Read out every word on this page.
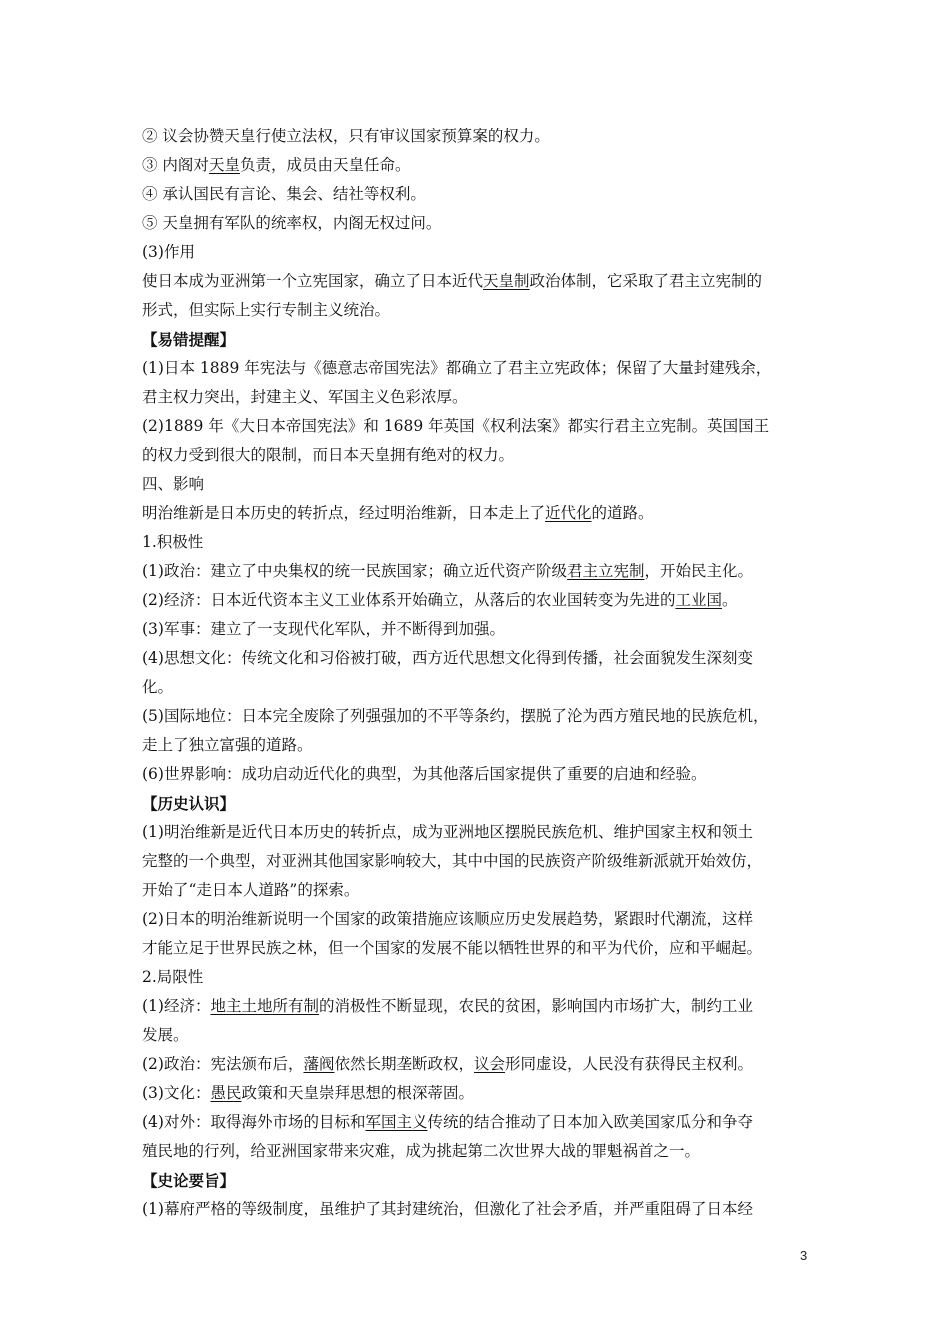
② 议会协赞天皇行使立法权，只有审议国家预算案的权力。
③ 内阁对天皇负责，成员由天皇任命。
④ 承认国民有言论、集会、结社等权利。
⑤ 天皇拥有军队的统率权，内阁无权过问。
(3)作用
使日本成为亚洲第一个立宪国家，确立了日本近代天皇制政治体制，它采取了君主立宪制的
形式，但实际上实行专制主义统治。
【易错提醒】
(1)日本 1889 年宪法与《德意志帝国宪法》都确立了君主立宪政体；保留了大量封建残余，
君主权力突出，封建主义、军国主义色彩浓厚。
(2)1889 年《大日本帝国宪法》和 1689 年英国《权利法案》都实行君主立宪制。英国国王
的权力受到很大的限制，而日本天皇拥有绝对的权力。
四、影响
明治维新是日本历史的转折点，经过明治维新，日本走上了近代化的道路。
1.积极性
(1)政治：建立了中央集权的统一民族国家；确立近代资产阶级君主立宪制，开始民主化。
(2)经济：日本近代资本主义工业体系开始确立，从落后的农业国转变为先进的工业国。
(3)军事：建立了一支现代化军队，并不断得到加强。
(4)思想文化：传统文化和习俗被打破，西方近代思想文化得到传播，社会面貌发生深刻变
化。
(5)国际地位：日本完全废除了列强强加的不平等条约，摆脱了沦为西方殖民地的民族危机，
走上了独立富强的道路。
(6)世界影响：成功启动近代化的典型，为其他落后国家提供了重要的启迪和经验。
【历史认识】
(1)明治维新是近代日本历史的转折点，成为亚洲地区摆脱民族危机、维护国家主权和领土
完整的一个典型，对亚洲其他国家影响较大，其中中国的民族资产阶级维新派就开始效仿，
开始了“走日本人道路”的探索。
(2)日本的明治维新说明一个国家的政策措施应该顺应历史发展趋势，紧跟时代潮流，这样
才能立足于世界民族之林，但一个国家的发展不能以牺牲世界的和平为代价，应和平崛起。
2.局限性
(1)经济：地主土地所有制的消极性不断显现，农民的贫困，影响国内市场扩大，制约工业
发展。
(2)政治：宪法颁布后，藩阀依然长期垄断政权，议会形同虚设，人民没有获得民主权利。
(3)文化：愚民政策和天皇崇拜思想的根深蒂固。
(4)对外：取得海外市场的目标和军国主义传统的结合推动了日本加入欧美国家瓜分和争夺
殖民地的行列，给亚洲国家带来灾难，成为挑起第二次世界大战的罪魁祸首之一。
【史论要旨】
(1)幕府严格的等级制度，虽维护了其封建统治，但激化了社会矛盾，并严重阻碍了日本经
3
